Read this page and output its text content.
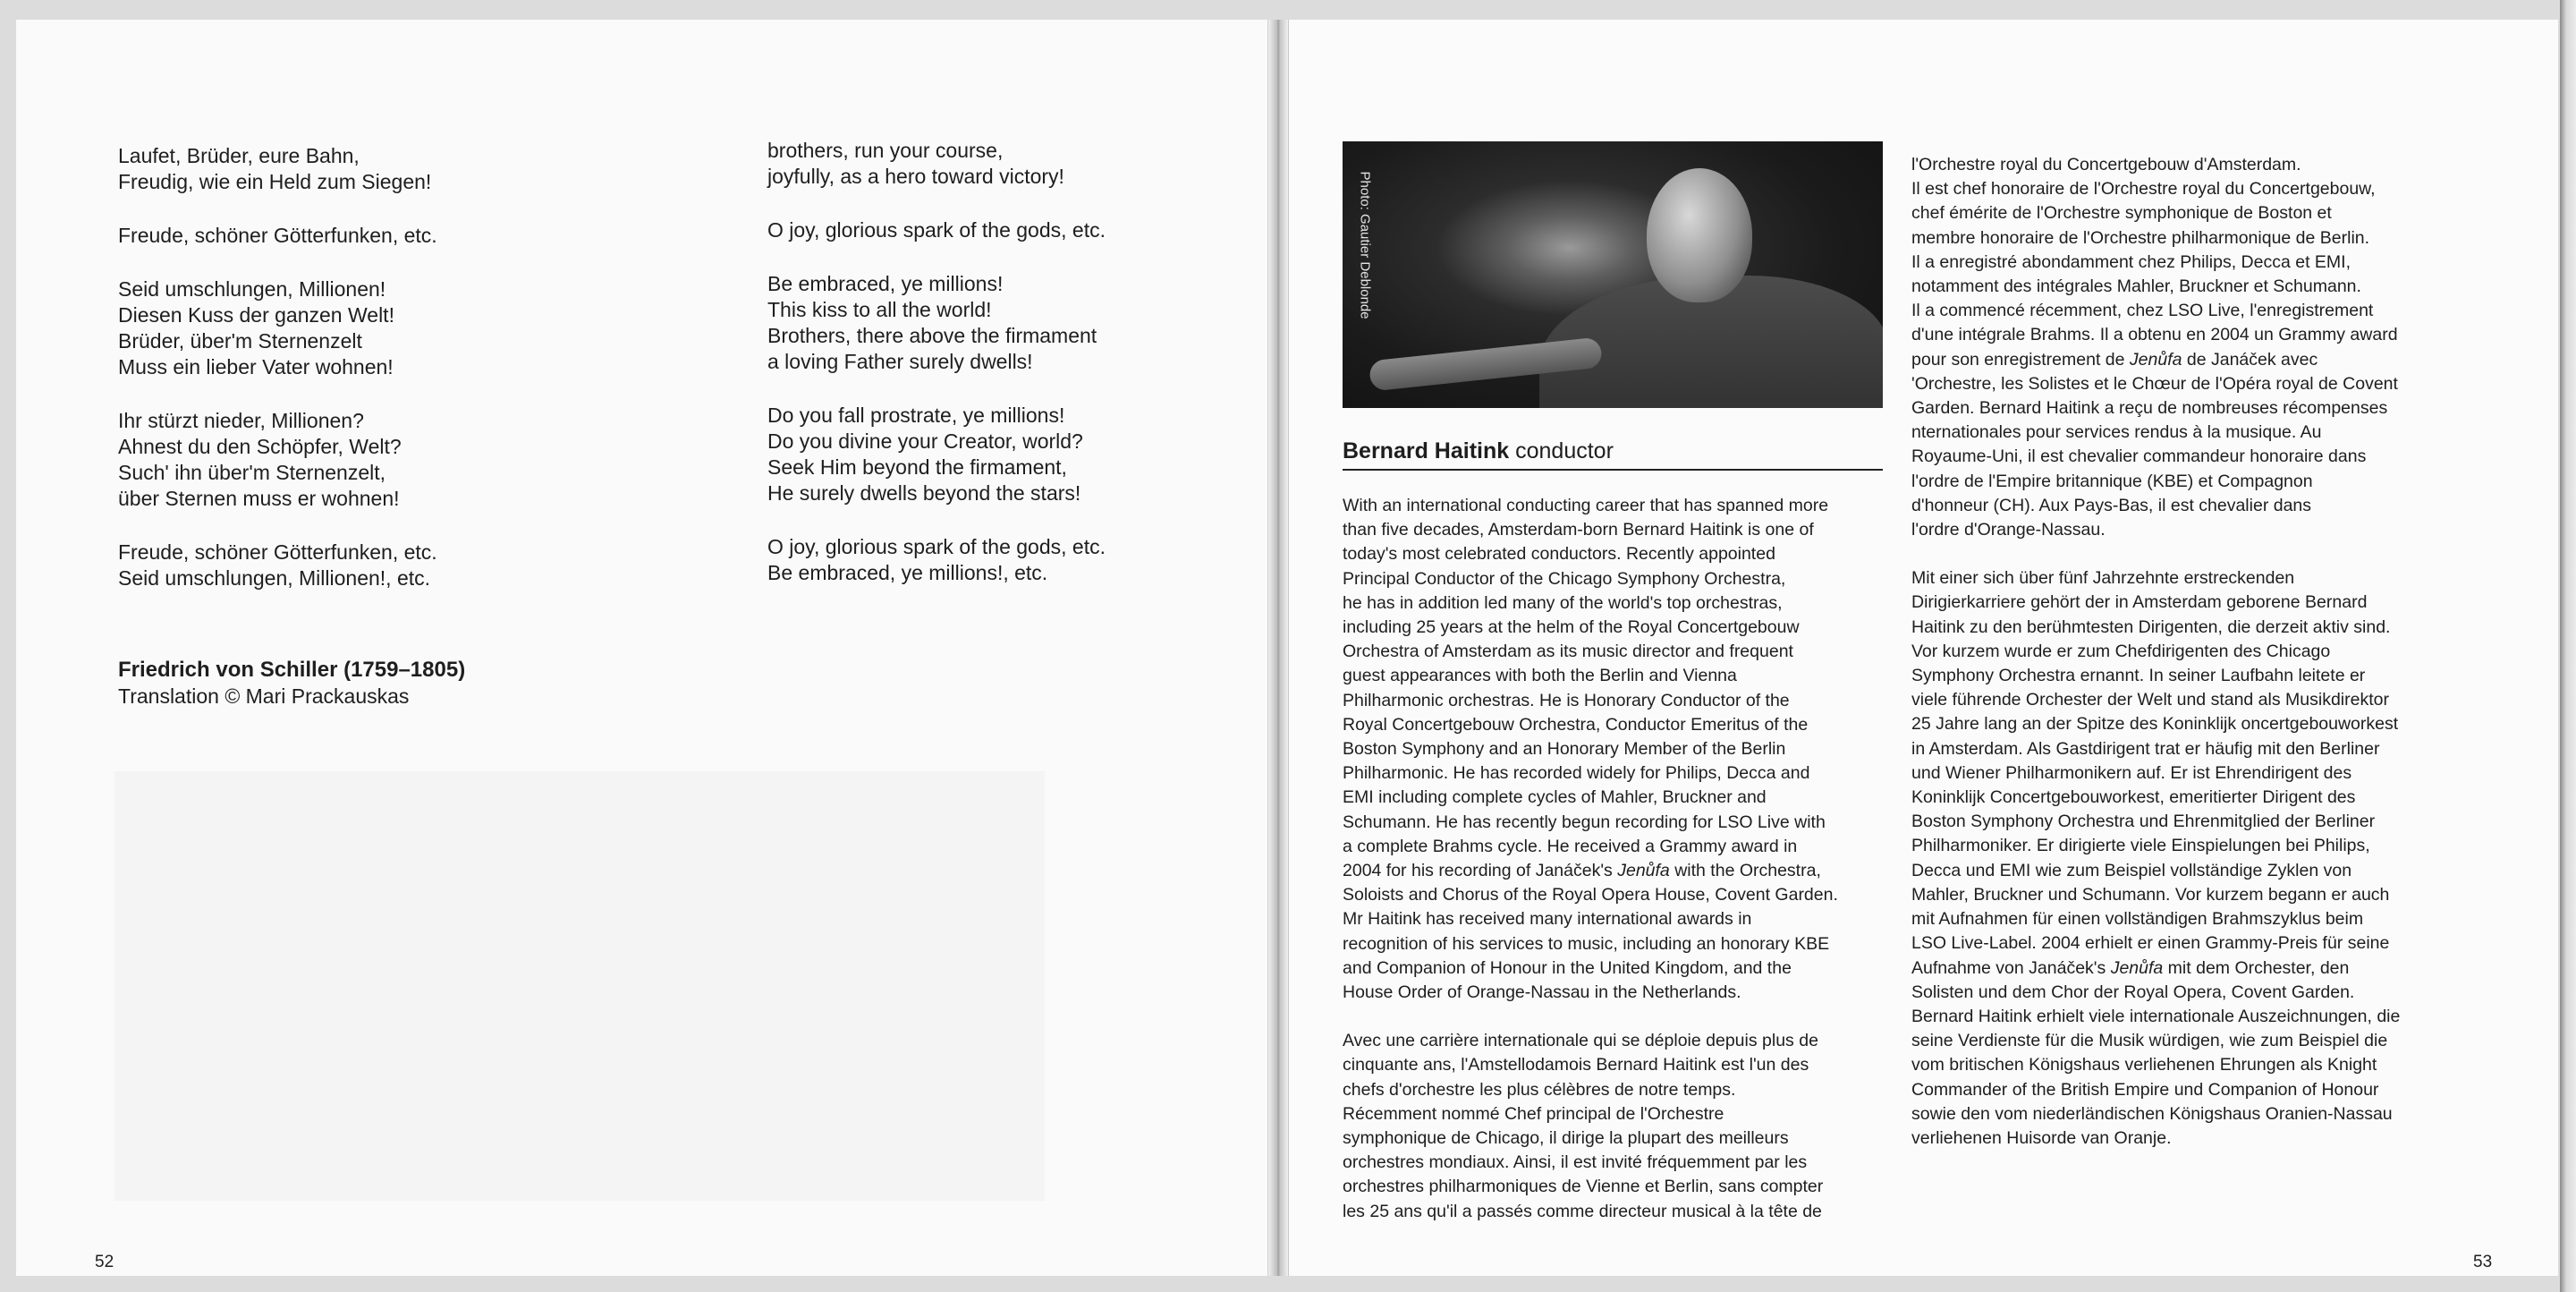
Laufet, Brüder, eure Bahn,
Freudig, wie ein Held zum Siegen!
Freude, schöner Götterfunken, etc.
Seid umschlungen, Millionen!
Diesen Kuss der ganzen Welt!
Brüder, über'm Sternenzelt
Muss ein lieber Vater wohnen!
Ihr stürzt nieder, Millionen?
Ahnest du den Schöpfer, Welt?
Such' ihn über'm Sternenzelt,
über Sternen muss er wohnen!
Freude, schöner Götterfunken, etc.
Seid umschlungen, Millionen!, etc.
brothers, run your course,
joyfully, as a hero toward victory!
O joy, glorious spark of the gods, etc.
Be embraced, ye millions!
This kiss to all the world!
Brothers, there above the firmament
a loving Father surely dwells!
Do you fall prostrate, ye millions!
Do you divine your Creator, world?
Seek Him beyond the firmament,
He surely dwells beyond the stars!
O joy, glorious spark of the gods, etc.
Be embraced, ye millions!, etc.
Friedrich von Schiller (1759–1805)
Translation © Mari Prackauskas
52
Photo: Gautier Deblonde
Bernard Haitink conductor

With an international conducting career that has spanned more
than five decades, Amsterdam-born Bernard Haitink is one of
today's most celebrated conductors. Recently appointed
Principal Conductor of the Chicago Symphony Orchestra,
he has in addition led many of the world's top orchestras,
including 25 years at the helm of the Royal Concertgebouw
Orchestra of Amsterdam as its music director and frequent
guest appearances with both the Berlin and Vienna
Philharmonic orchestras. He is Honorary Conductor of the
Royal Concertgebouw Orchestra, Conductor Emeritus of the
Boston Symphony and an Honorary Member of the Berlin
Philharmonic. He has recorded widely for Philips, Decca and
EMI including complete cycles of Mahler, Bruckner and
Schumann. He has recently begun recording for LSO Live with
a complete Brahms cycle. He received a Grammy award in
2004 for his recording of Janáček's Jenůfa with the Orchestra,
Soloists and Chorus of the Royal Opera House, Covent Garden.
Mr Haitink has received many international awards in
recognition of his services to music, including an honorary KBE
and Companion of Honour in the United Kingdom, and the
House Order of Orange-Nassau in the Netherlands.

Avec une carrière internationale qui se déploie depuis plus de
cinquante ans, l'Amstellodamois Bernard Haitink est l'un des
chefs d'orchestre les plus célèbres de notre temps.
Récemment nommé Chef principal de l'Orchestre
symphonique de Chicago, il dirige la plupart des meilleurs
orchestres mondiaux. Ainsi, il est invité fréquemment par les
orchestres philharmoniques de Vienne et Berlin, sans compter
les 25 ans qu'il a passés comme directeur musical à la tête de

l'Orchestre royal du Concertgebouw d'Amsterdam.
Il est chef honoraire de l'Orchestre royal du Concertgebouw,
chef émérite de l'Orchestre symphonique de Boston et
membre honoraire de l'Orchestre philharmonique de Berlin.
Il a enregistré abondamment chez Philips, Decca et EMI,
notamment des intégrales Mahler, Bruckner et Schumann.
Il a commencé récemment, chez LSO Live, l'enregistrement
d'une intégrale Brahms. Il a obtenu en 2004 un Grammy award
pour son enregistrement de Jenůfa de Janáček avec
'Orchestre, les Solistes et le Chœur de l'Opéra royal de Covent
Garden. Bernard Haitink a reçu de nombreuses récompenses
nternationales pour services rendus à la musique. Au
Royaume-Uni, il est chevalier commandeur honoraire dans
l'ordre de l'Empire britannique (KBE) et Compagnon
d'honneur (CH). Aux Pays-Bas, il est chevalier dans
l'ordre d'Orange-Nassau.

Mit einer sich über fünf Jahrzehnte erstreckenden
Dirigierkarriere gehört der in Amsterdam geborene Bernard
Haitink zu den berühmtesten Dirigenten, die derzeit aktiv sind.
Vor kurzem wurde er zum Chefdirigenten des Chicago
Symphony Orchestra ernannt. In seiner Laufbahn leitete er
viele führende Orchester der Welt und stand als Musikdirektor
25 Jahre lang an der Spitze des Koninklijk oncertgebouworkest
in Amsterdam. Als Gastdirigent trat er häufig mit den Berliner
und Wiener Philharmonikern auf. Er ist Ehrendirigent des
Koninklijk Concertgebouworkest, emeritierter Dirigent des
Boston Symphony Orchestra und Ehrenmitglied der Berliner
Philharmoniker. Er dirigierte viele Einspielungen bei Philips,
Decca und EMI wie zum Beispiel vollständige Zyklen von
Mahler, Bruckner und Schumann. Vor kurzem begann er auch
mit Aufnahmen für einen vollständigen Brahmszyklus beim
LSO Live-Label. 2004 erhielt er einen Grammy-Preis für seine
Aufnahme von Janáček's Jenůfa mit dem Orchester, den
Solisten und dem Chor der Royal Opera, Covent Garden.
Bernard Haitink erhielt viele internationale Auszeichnungen, die
seine Verdienste für die Musik würdigen, wie zum Beispiel die
vom britischen Königshaus verliehenen Ehrungen als Knight
Commander of the British Empire und Companion of Honour
sowie den vom niederländischen Königshaus Oranien-Nassau
verliehenen Huisorde van Oranje.

53
